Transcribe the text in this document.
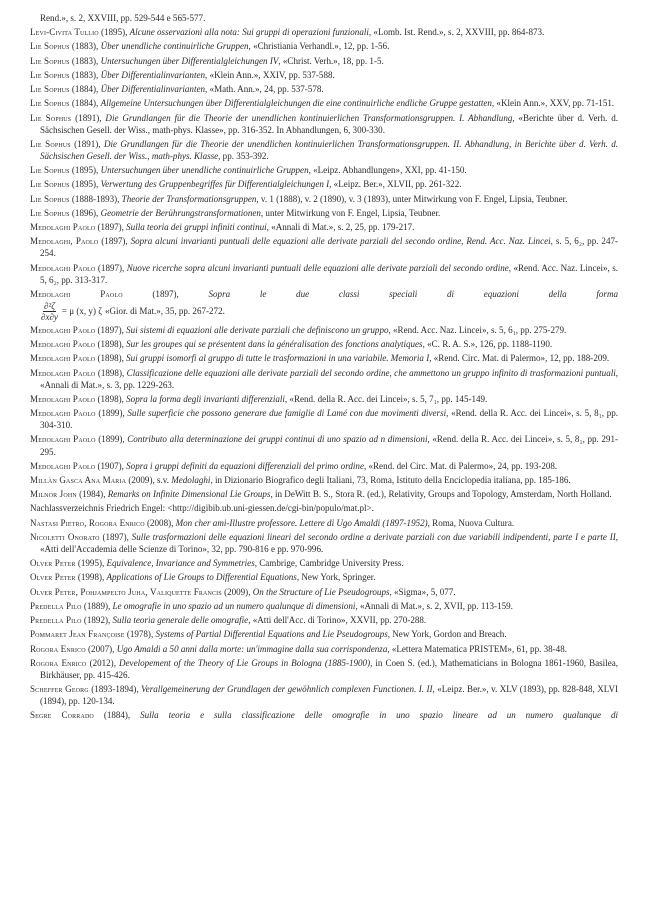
Rend.», s. 2, XXVIII, pp. 529-544 e 565-577.

Levi-Civita Tullio (1895), Alcune osservazioni alla nota: Sui gruppi di operazioni funzionali, «Lomb. Ist. Rend.», s. 2, XXVIII, pp. 864-873.

Lie Sophus (1883), Über unendliche continuirliche Gruppen, «Christiania Verhandl.», 12, pp. 1-56.

Lie Sophus (1883), Untersuchungen über Differentialgleichungen IV, «Christ. Verh.», 18, pp. 1-5.

Lie Sophus (1883), Über Differentialinvarianten, «Klein Ann.», XXIV, pp. 537-588.

Lie Sophus (1884), Über Differentialinvarianten, «Math. Ann.», 24, pp. 537-578.

Lie Sophus (1884), Allgemeine Untersuchungen über Differentialgleichungen die eine continuirliche endliche Gruppe gestatten, «Klein Ann.», XXV, pp. 71-151.

Lie Sophus (1891), Die Grundlangen für die Theorie der unendlichen kontinuierlichen Transformationsgruppen. I. Abhandlung, «Berichte über d. Verh. d. Sächsischen Gesell. der Wiss., math-phys. Klasse», pp. 316-352. In Abhandlungen, 6, 300-330.

Lie Sophus (1891), Die Grundlangen für die Theorie der unendlichen kontinuierlichen Transformationsgruppen. II. Abhandlung, in Berichte über d. Verh. d. Sächsischen Gesell. der Wiss., math-phys. Klasse, pp. 353-392.

Lie Sophus (1895), Untersuchungen über unendliche continuirliche Gruppen, «Leipz. Abhandlungen», XXI, pp. 41-150.

Lie Sophus (1895), Verwertung des Gruppenbegriffes für Differentialgleichungen I, «Leipz. Ber.», XLVII, pp. 261-322.

Lie Sophus (1888-1893), Theorie der Transformationsgruppen, v. 1 (1888), v. 2 (1890), v. 3 (1893), unter Mitwirkung von F. Engel, Lipsia, Teubner.

Lie Sophus (1896), Geometrie der Berührungstransformationen, unter Mitwirkung von F. Engel, Lipsia, Teubner.

Medolaghi Paolo (1897), Sulla teoria dei gruppi infiniti continui, «Annali di Mat.», s. 2, 25, pp. 179-217.

Medolaghi, Paolo (1897), Sopra alcuni invarianti puntuali delle equazioni alle derivate parziali del secondo ordine, Rend. Acc. Naz. Lincei, s. 5, 6₂, pp. 247-254.

Medolaghi Paolo (1897), Nuove ricerche sopra alcuni invarianti puntuali delle equazioni alle derivate parziali del secondo ordine, «Rend. Acc. Naz. Lincei», s. 5, 6₂, pp. 313-317.

Medolaghi Paolo (1897), Sopra le due classi speciali di equazioni della forma

$\frac{\text{∂²ζ}}{\partial x\partial y} = \mu$ (x, y) ζ «Gior. di Mat.», 35, pp. 267-272.

Medolaghi Paolo (1897), Sui sistemi di equazioni alle derivate parziali che definiscono un gruppo, «Rend. Acc. Naz. Lincei», s. 5, 6₁, pp. 275-279.

Medolaghi Paolo (1898), Sur les groupes qui se présentent dans la généralisation des fonctions analytiques, «C. R. A. S.», 126, pp. 1188-1190.

Medolaghi Paolo (1898), Sui gruppi isomorfi al gruppo di tutte le trasformazioni in una variabile. Memoria I, «Rend. Circ. Mat. di Palermo», 12, pp. 188-209.

Medolaghi Paolo (1898), Classificazione delle equazioni alle derivate parziali del secondo ordine, che ammettono un gruppo infinito di trasformazioni puntuali, «Annali di Mat.», s. 3, pp. 1229-263.

Medolaghi Paolo (1898), Sopra la forma degli invarianti differenziali, «Rend. della R. Acc. dei Lincei», s. 5, 7₁, pp. 145-149.

Medolaghi Paolo (1899), Sulle superficie che possono generare due famiglie di Lamé con due movimenti diversi, «Rend. della R. Acc. dei Lincei», s. 5, 8₁, pp. 304-310.

Medolaghi Paolo (1899), Contributo alla determinazione dei gruppi continui di uno spazio ad n dimensioni, «Rend. della R. Acc. dei Lincei», s. 5, 8₁, pp. 291-295.

Medolaghi Paolo (1907), Sopra i gruppi definiti da equazioni differenziali del primo ordine, «Rend. del Circ. Mat. di Palermo», 24, pp. 193-208.

Millàn Gasca Ana Maria (2009), s.v. Medolaghi, in Dizionario Biografico degli Italiani, 73, Roma, Istituto della Enciclopedia italiana, pp. 185-186.

Milnor John (1984), Remarks on Infinite Dimensional Lie Groups, in DeWitt B. S., Stora R. (ed.), Relativity, Groups and Topology, Amsterdam, North Holland.

Nachlassverzeichnis Friedrich Engel: <http://digibib.ub.uni-giessen.de/cgi-bin/populo/mat.pl>.

Nastasi Pietro, Rogora Enrico (2008), Mon cher ami-Illustre professore. Lettere di Ugo Amaldi (1897-1952), Roma, Nuova Cultura.

Nicoletti Onorato (1897), Sulle trasformazioni delle equazioni lineari del secondo ordine a derivate parziali con due variabili indipendenti, parte I e parte II, «Atti dell'Accademia delle Scienze di Torino», 32, pp. 790-816 e pp. 970-996.

Olver Peter (1995), Equivalence, Invariance and Symmetries, Cambrige, Cambridge University Press.

Olver Peter (1998), Applications of Lie Groups to Differential Equations, New York, Springer.

Olver Peter, Pohjampelto Juha, Valiquette Francis (2009), On the Structure of Lie Pseudogroups, «Sigma», 5, 077.

Predella Pilo (1889), Le omografie in uno spazio ad un numero qualunque di dimensioni, «Annali di Mat.», s. 2, XVII, pp. 113-159.

Predella Pilo (1892), Sulla teoria generale delle omografie, «Atti dell'Acc. di Torino», XXVII, pp. 270-288.

Pommaret Jean Françoise (1978), Systems of Partial Differential Equations and Lie Pseudogroups, New York, Gordon and Breach.

Rogora Enrico (2007), Ugo Amaldi a 50 anni dalla morte: un'immagine dalla sua corrispondenza, «Lettera Matematica PRISTEM», 61, pp. 38-48.

Rogora Enrico (2012), Developement of the Theory of Lie Groups in Bologna (1885-1900), in Coen S. (ed.), Mathematicians in Bologna 1861-1960, Basilea, Birkhäuser, pp. 415-426.

Scheffer Georg (1893-1894), Verallgemeinerung der Grundlagen der gewöhnlich complexen Functionen. I. II, «Leipz. Ber.», v. XLV (1893), pp. 828-848, XLVI (1894), pp. 120-134.

Segre Corrado (1884), Sulla teoria e sulla classificazione delle omografie in uno spazio lineare ad un numero qualunque di
